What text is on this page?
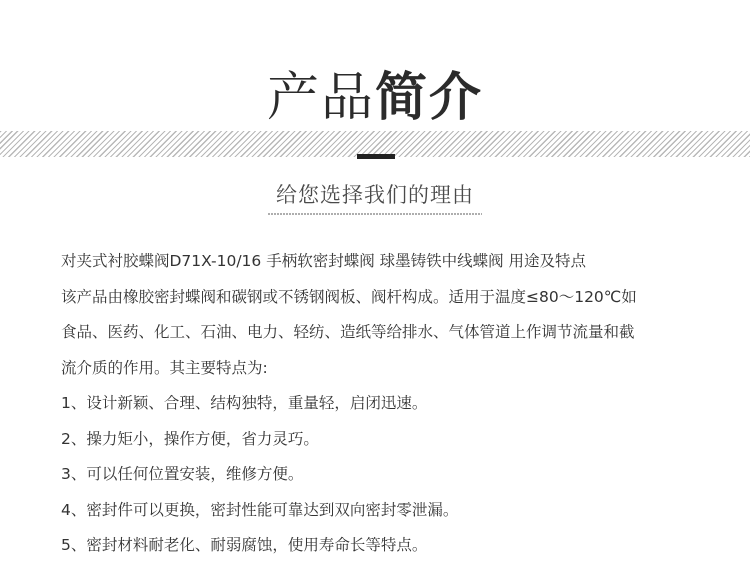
产品简介
给您选择我们的理由

对夹式衬胶蝶阀D71X-10/16 手柄软密封蝶阀 球墨铸铁中线蝶阀 用途及特点

该产品由橡胶密封蝶阀和碳钢或不锈钢阀板、阀杆构成。适用于温度≤80～120℃如

食品、医药、化工、石油、电力、轻纺、造纸等给排水、气体管道上作调节流量和截

流介质的作用。其主要特点为:

1、设计新颖、合理、结构独特，重量轻，启闭迅速。

2、操力矩小，操作方便，省力灵巧。

3、可以任何位置安装，维修方便。

4、密封件可以更换，密封性能可靠达到双向密封零泄漏。

5、密封材料耐老化、耐弱腐蚀，使用寿命长等特点。
